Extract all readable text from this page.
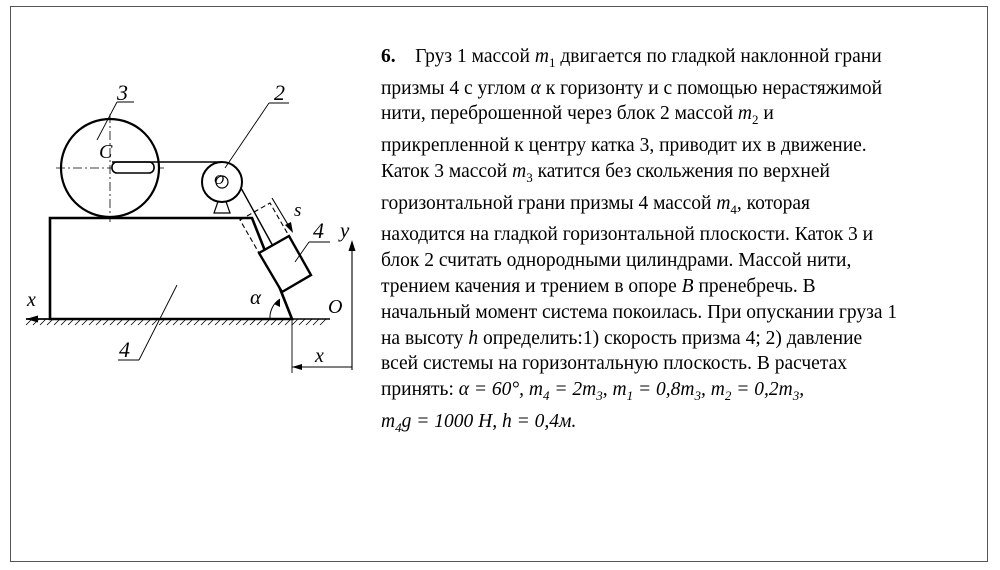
3	2
4
4
C
O
s
y
x
x
O
α

6. Груз 1 массой $m_1$ двигается по гладкой наклонной грани

призмы 4 с углом α к горизонту и с помощью нерастяжимой

нити, переброшенной через блок 2 массой $m_2$ и

прикрепленной к центру катка 3, приводит их в движение.

Каток 3 массой $m_3$ катится без скольжения по верхней

горизонтальной грани призмы 4 массой $m_4$, которая

находится на гладкой горизонтальной плоскости. Каток 3 и

блок 2 считать однородными цилиндрами. Массой нити,

трением качения и трением в опоре B пренебречь. В

начальный момент система покоилась. При опускании груза 1

на высоту h определить:1) скорость призма 4; 2) давление

всей системы на горизонтальную плоскость. В расчетах

принять: α = 60°, $m_4 = 2m_3$, $m_1 = 0,8m_3$, $m_2 = 0,2m_3$,

$m_4g = 1000$ H, h = 0,4м.
